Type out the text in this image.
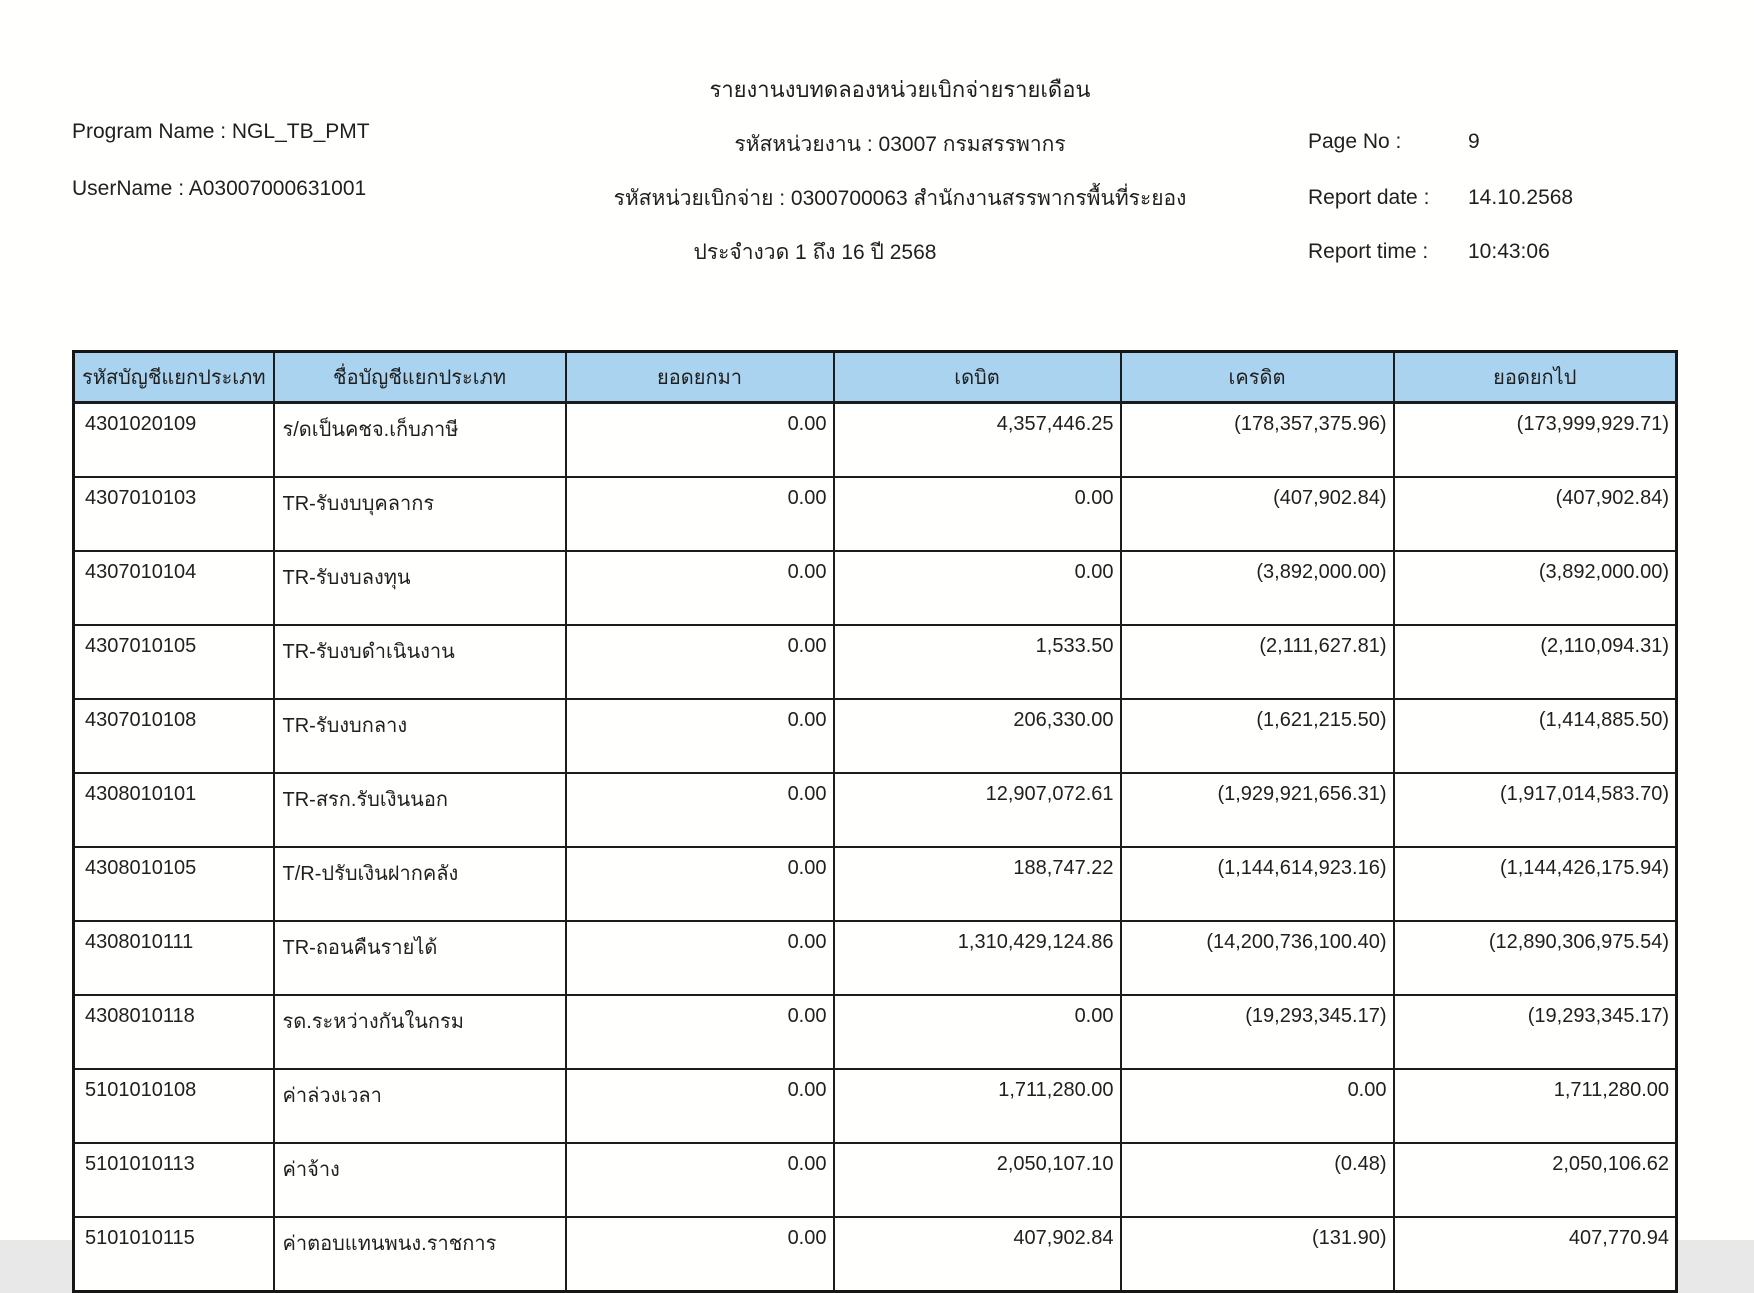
Program Name : NGL_TB_PMT
UserName : A03007000631001
รายงานงบทดลองหน่วยเบิกจ่ายรายเดือน
รหัสหน่วยงาน : 03007 กรมสรรพากร
รหัสหน่วยเบิกจ่าย : 0300700063 สำนักงานสรรพากรพื้นที่ระยอง
ประจำงวด 1 ถึง 16 ปี 2568
Page No :	9
Report date : 14.10.2568
Report time : 10:43:06
รหัสบัญชีแยกประเภท	ชื่อบัญชีแยกประเภท	ยอดยกมา	เดบิต	เครดิต	ยอดยกไป
4301020109	ร/ดเป็นคชจ.เก็บภาษี	0.00	4,357,446.25	(178,357,375.96)	(173,999,929.71)
4307010103	TR-รับงบบุคลากร	0.00	0.00	(407,902.84)	(407,902.84)
4307010104	TR-รับงบลงทุน	0.00	0.00	(3,892,000.00)	(3,892,000.00)
4307010105	TR-รับงบดำเนินงาน	0.00	1,533.50	(2,111,627.81)	(2,110,094.31)
4307010108	TR-รับงบกลาง	0.00	206,330.00	(1,621,215.50)	(1,414,885.50)
4308010101	TR-สรก.รับเงินนอก	0.00	12,907,072.61	(1,929,921,656.31)	(1,917,014,583.70)
4308010105	T/R-ปรับเงินฝากคลัง	0.00	188,747.22	(1,144,614,923.16)	(1,144,426,175.94)
4308010111	TR-ถอนคืนรายได้	0.00	1,310,429,124.86	(14,200,736,100.40)	(12,890,306,975.54)
4308010118	รด.ระหว่างกันในกรม	0.00	0.00	(19,293,345.17)	(19,293,345.17)
5101010108	ค่าล่วงเวลา	0.00	1,711,280.00	0.00	1,711,280.00
5101010113	ค่าจ้าง	0.00	2,050,107.10	(0.48)	2,050,106.62
5101010115	ค่าตอบแทนพนง.ราชการ	0.00	407,902.84	(131.90)	407,770.94
